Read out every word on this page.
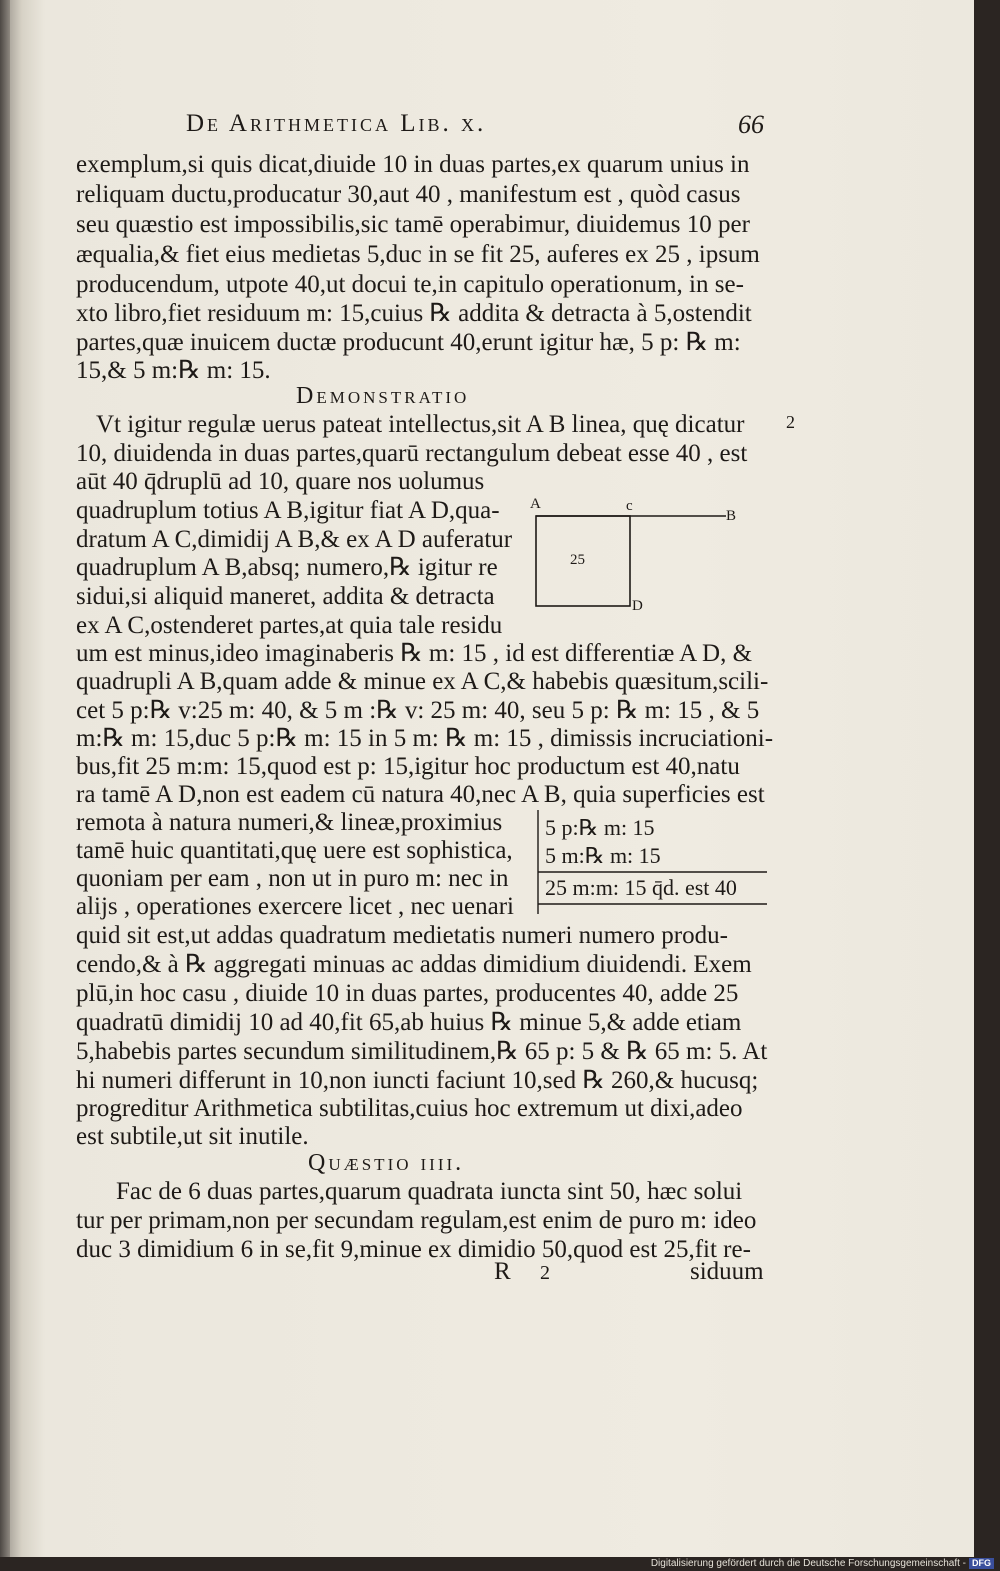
De Arithmetica Lib. x.	66
exemplum,si quis dicat,diuide 10 in duas partes,ex quarum unius in
reliquam ductu,producatur 30,aut 40 , manifestum est , quòd casus
seu quæstio est impossibilis,sic tamē operabimur, diuidemus 10 per
æqualia,& fiet eius medietas 5,duc in se fit 25, auferes ex 25 , ipsum
producendum, utpote 40,ut docui te,in capitulo operationum, in se-
xto libro,fiet residuum m: 15,cuius ℞ addita & detracta à 5,ostendit
partes,quæ inuicem ductæ producunt 40,erunt igitur hæ, 5 p: ℞ m:
15,& 5 m:℞ m: 15.
Demonstratio
2
Vt igitur regulæ uerus pateat intellectus,sit A B linea, quę dicatur
10, diuidenda in duas partes,quarū rectangulum debeat esse 40 , est
aūt 40 q̄druplū ad 10, quare nos uolumus
quadruplum totius A B,igitur fiat A D,qua-
dratum A C,dimidij A B,& ex A D auferatur
quadruplum A B,absq; numero,℞ igitur re
sidui,si aliquid maneret, addita & detracta
ex A C,ostenderet partes,at quia tale residu
A	c
B
D
25
um est minus,ideo imaginaberis ℞ m: 15 , id est differentiæ A D, &
quadrupli A B,quam adde & minue ex A C,& habebis quæsitum,scili-
cet 5 p:℞ v:25 m: 40, & 5 m :℞ v: 25 m: 40, seu 5 p: ℞ m: 15 , & 5
m:℞ m: 15,duc 5 p:℞ m: 15 in 5 m: ℞ m: 15 , dimissis incruciationi-
bus,fit 25 m:m: 15,quod est p: 15,igitur hoc productum est 40,natu
ra tamē A D,non est eadem cū natura 40,nec A B, quia superficies est
remota à natura numeri,& lineæ,proximius
tamē huic quantitati,quę uere est sophistica,
quoniam per eam , non ut in puro m: nec in
alijs , operationes exercere licet , nec uenari
5 p:℞ m: 15
5 m:℞ m: 15
25 m:m: 15 q̄d. est 40
quid sit est,ut addas quadratum medietatis numeri numero produ-
cendo,& à ℞ aggregati minuas ac addas dimidium diuidendi. Exem
plū,in hoc casu , diuide 10 in duas partes, producentes 40, adde 25
quadratū dimidij 10 ad 40,fit 65,ab huius ℞ minue 5,& adde etiam
5,habebis partes secundum similitudinem,℞ 65 p: 5 & ℞ 65 m: 5. At
hi numeri differunt in 10,non iuncti faciunt 10,sed ℞ 260,& hucusq;
progreditur Arithmetica subtilitas,cuius hoc extremum ut dixi,adeo
est subtile,ut sit inutile.
Quæstio iiii.
Fac de 6 duas partes,quarum quadrata iuncta sint 50, hæc solui
tur per primam,non per secundam regulam,est enim de puro m: ideo
duc 3 dimidium 6 in se,fit 9,minue ex dimidio 50,quod est 25,fit re-
R 2	siduum
Digitalisierung gefördert durch die Deutsche Forschungsgemeinschaft - DFG
